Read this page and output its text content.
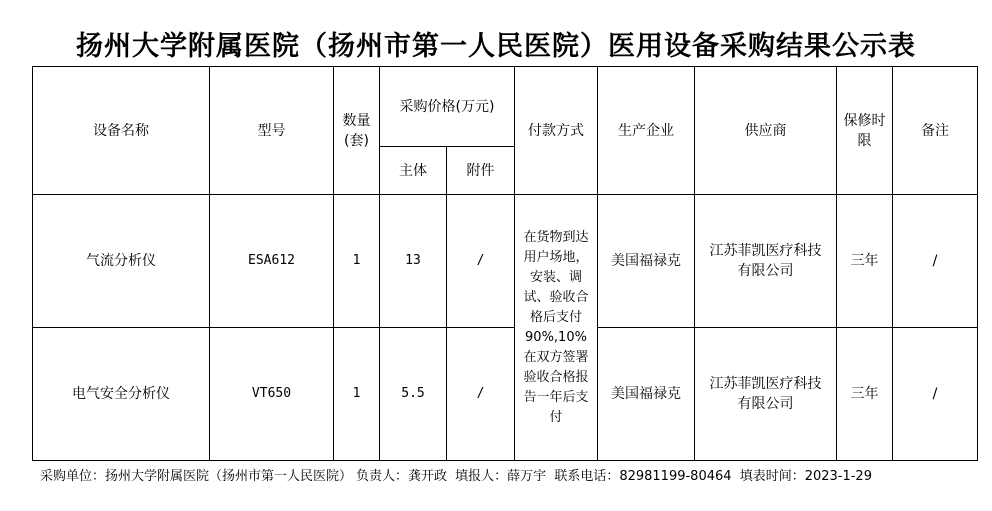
扬州大学附属医院（扬州市第一人民医院）医用设备采购结果公示表
设备名称	型号	数量(套)	采购价格(万元)		付款方式	生产企业	供应商	保修时限	备注
			主体	附件					
气流分析仪	ESA612	1	13	/	在货物到达用户场地，安装、调试、验收合格后支付90%,10%在双方签署验收合格报告一年后支付	美国福禄克	江苏菲凯医疗科技有限公司	三年	/
电气安全分析仪	VT650	1	5.5	/		美国福禄克	江苏菲凯医疗科技有限公司	三年	/
采购单位：扬州大学附属医院（扬州市第一人民医院） 负责人：龚开政 填报人：薛万宇 联系电话：82981199-80464 填表时间：2023-1-29
